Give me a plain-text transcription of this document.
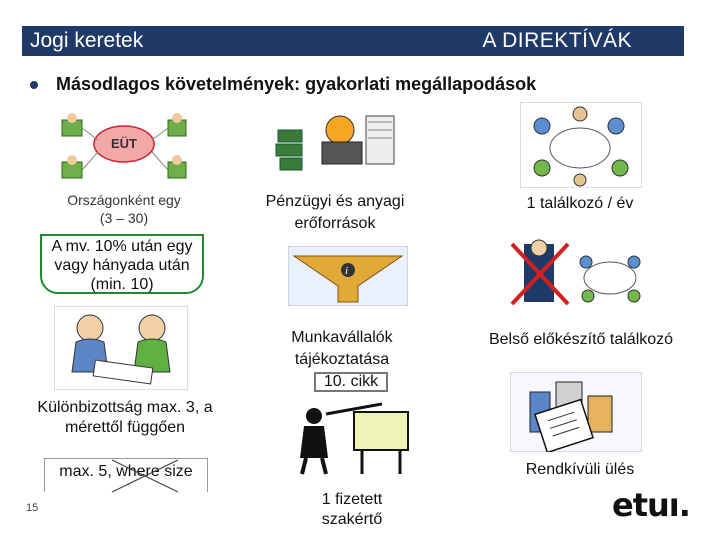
Jogi keretek	A DIREKTÍVÁK
Másodlagos követelmények: gyakorlati megállapodások
EÜT
Országonként egy
(3 – 30)
A mv. 10% után egy
vagy hányada után
(min. 10)
Különbizottság max. 3, a
mérettől függően
max. 5, where size
Pénzügyi és anyagi
erőforrások
i
Munkavállalók
tájékoztatása
10. cikk
1 fizetett
szakértő
1 találkozó / év
Belső előkészítő találkozó
Rendkívüli ülés
15	etuı.
